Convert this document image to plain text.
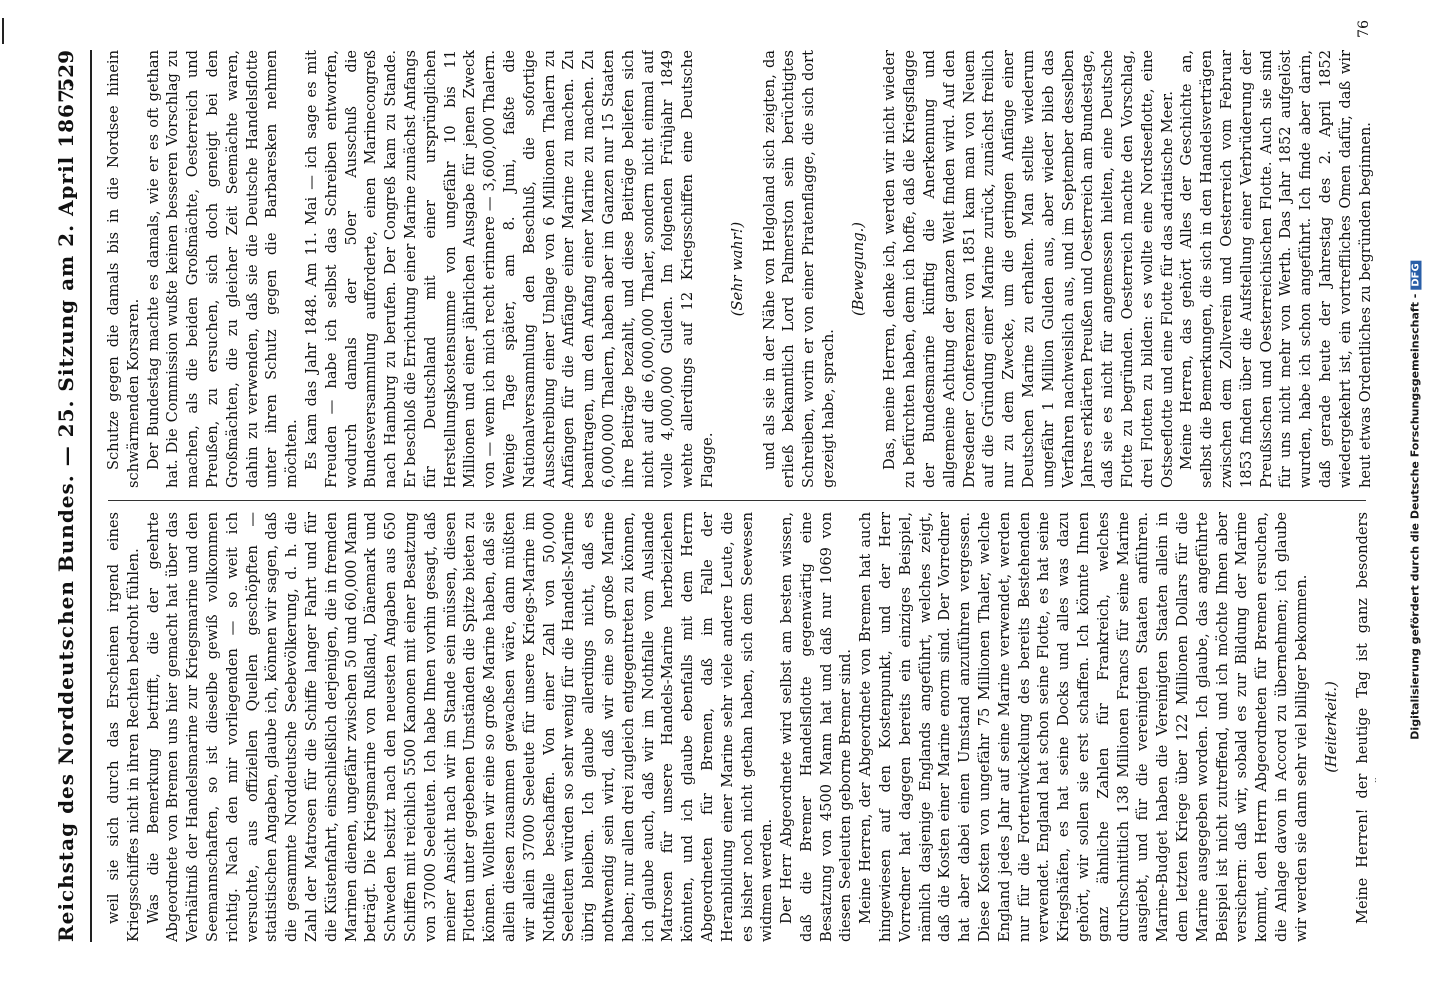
Reichstag des Norddeutschen Bundes. — 25. Sitzung am 2. April 1867.
529

weil sie sich durch das Erscheinen irgend eines Kriegsschiffes nicht in ihren Rechten bedroht fühlen. Was die Bemerkung betrifft, die der geehrte Abgeordnete von Bremen uns hier gemacht hat über das Verhältniß der Handelsmarine zur Kriegsmarine und den Seemannschaften, so ist dieselbe gewiß vollkommen richtig. Nach den mir vorliegenden — so weit ich versuchte, aus offiziellen Quellen geschöpften — statistischen Angaben, glaube ich, können wir sagen, daß die gesammte Norddeutsche Seebevölkerung, d. h. die Zahl der Matrosen für die Schiffe langer Fahrt und für die Küstenfahrt, einschließlich derjenigen, die in fremden Marinen dienen, ungefähr zwischen 50 und 60,000 Mann beträgt. Die Kriegsmarine von Rußland, Dänemark und Schweden besitzt nach den neuesten Angaben aus 650 Schiffen mit reichlich 5500 Kanonen mit einer Besatzung von 37000 Seeleuten. Ich habe Ihnen vorhin gesagt, daß meiner Ansicht nach wir im Stande sein müssen, diesen Flotten unter gegebenen Umständen die Spitze bieten zu können. Wollten wir eine so große Marine haben, daß sie allein diesen zusammen gewachsen wäre, dann müßten wir allein 37000 Seeleute für unsere Kriegs-Marine im Nothfalle beschaffen. Von einer Zahl von 50,000 Seeleuten würden so sehr wenig für die Handels-Marine übrig bleiben. Ich glaube allerdings nicht, daß es nothwendig sein wird, daß wir eine so große Marine haben; nur allen drei zugleich entgegentreten zu können, ich glaube auch, daß wir im Nothfalle vom Auslande Matrosen für unsere Handels-Marine herbeiziehen könnten, und ich glaube ebenfalls mit dem Herrn Abgeordneten für Bremen, daß im Falle der Heranbildung einer Marine sehr viele andere Leute, die es bisher noch nicht gethan haben, sich dem Seewesen widmen werden. Der Herr Abgeordnete wird selbst am besten wissen, daß die Bremer Handelsflotte gegenwärtig eine Besatzung von 4500 Mann hat und daß nur 1069 von diesen Seeleuten geborne Bremer sind. Meine Herren, der Abgeordnete von Bremen hat auch hingewiesen auf den Kostenpunkt, und der Herr Vorredner hat dagegen bereits ein einziges Beispiel, nämlich dasjenige Englands angeführt, welches zeigt, daß die Kosten einer Marine enorm sind. Der Vorredner hat aber dabei einen Umstand anzuführen vergessen. Diese Kosten von ungefähr 75 Millionen Thaler, welche England jedes Jahr auf seine Marine verwendet, werden nur für die Fortentwickelung des bereits Bestehenden verwendet. England hat schon seine Flotte, es hat seine Kriegshäfen, es hat seine Docks und alles was dazu gehört, wir sollen sie erst schaffen. Ich könnte Ihnen ganz ähnliche Zahlen für Frankreich, welches durchschnittlich 138 Millionen Francs für seine Marine ausgiebt, und für die vereinigten Staaten anführen. Marine-Budget haben die Vereinigten Staaten allein in dem letzten Kriege über 122 Millionen Dollars für die Marine ausgegeben worden. Ich glaube, das angeführte Beispiel ist nicht zutreffend, und ich möchte Ihnen aber versichern: daß wir, sobald es zur Bildung der Marine kommt, den Herrn Abgeordneten für Bremen ersuchen, die Anlage davon in Accord zu übernehmen; ich glaube wir werden sie dann sehr viel billiger bekommen. (Heiterkeit.)

Meine Herren! der heutige Tag ist ganz besonders

Schutze gegen die damals bis in die Nordsee hinein schwärmenden Korsaren. Der Bundestag machte es damals, wie er es oft gethan hat. Die Commission wußte keinen besseren Vorschlag zu machen, als die beiden Großmächte, Oesterreich und Preußen, zu ersuchen, sich doch geneigt bei den Großmächten, die zu gleicher Zeit Seemächte waren, dahin zu verwenden, daß sie die Deutsche Handelsflotte unter ihren Schutz gegen die Barbaresken nehmen möchten. Es kam das Jahr 1848. Am 11. Mai — ich sage es mit Freuden — habe ich selbst das Schreiben entworfen, wodurch damals der 50er Ausschuß die Bundesversammlung aufforderte, einen Marinecongreß nach Hamburg zu berufen. Der Congreß kam zu Stande. Er beschloß die Errichtung einer Marine zunächst Anfangs für Deutschland mit einer ursprünglichen Herstellungskostensumme von ungefähr 10 bis 11 Millionen und einer jährlichen Ausgabe für jenen Zweck von — wenn ich mich recht erinnere — 3,600,000 Thalern. Wenige Tage später, am 8. Juni, faßte die Nationalversammlung den Beschluß, die sofortige Ausschreibung einer Umlage von 6 Millionen Thalern zu Anfängen für die Anfänge einer Marine zu machen. Zu beantragen, um den Anfang einer Marine zu machen. Zu 6,000,000 Thalern, haben aber im Ganzen nur 15 Staaten ihre Beiträge bezahlt, und diese Beiträge beliefen sich nicht auf die 6,000,000 Thaler, sondern nicht einmal auf volle 4,000,000 Gulden. Im folgenden Frühjahr 1849 wehte allerdings auf 12 Kriegsschiffen eine Deutsche Flagge.

(Sehr wahr!) und als sie in der Nähe von Helgoland sich zeigten, da erließ bekanntlich Lord Palmerston sein berüchtigtes Schreiben, worin er von einer Piratenflagge, die sich dort gezeigt habe, sprach.

(Bewegung.) Das, meine Herren, denke ich, werden wir nicht wieder zu befürchten haben, denn ich hoffe, daß die Kriegsflagge der Bundesmarine künftig die Anerkennung und allgemeine Achtung der ganzen Welt finden wird. Auf den Dresdener Conferenzen von 1851 kam man von Neuem auf die Gründung einer Marine zurück, zunächst freilich nur zu dem Zwecke, um die geringen Anfänge einer Deutschen Marine zu erhalten. Man stellte wiederum ungefähr 1 Million Gulden aus, aber wieder blieb das Verfahren nachweislich aus, und im September desselben Jahres erklärten Preußen und Oesterreich am Bundestage, daß sie es nicht für angemessen hielten, eine Deutsche Flotte zu begründen. Oesterreich machte den Vorschlag, drei Flotten zu bilden: es wollte eine Nordseeflotte, eine Ostseeflotte und eine Flotte für das adriatische Meer. Meine Herren, das gehört Alles der Geschichte an, selbst die Bemerkungen, die sich in den Handelsverträgen zwischen dem Zollverein und Oesterreich vom Februar 1853 finden über die Aufstellung einer Verbrüderung der Preußischen und Oesterreichischen Flotte. Auch sie sind für uns nicht mehr von Werth. Das Jahr 1852 aufgelöst wurden, habe ich schon angeführt. Ich finde aber darin, daß gerade heute der Jahrestag des 2. April 1852 wiedergekehrt ist, ein vortreffliches Omen dafür, daß wir heut etwas Ordentliches zu begründen beginnen.

76
Digitalisierung gefördert durch die Deutsche Forschungsgemeinschaft -DFG
